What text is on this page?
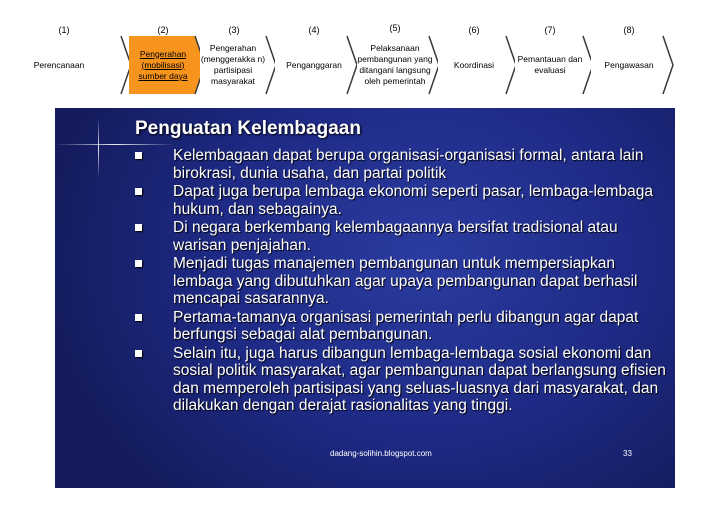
(1)
Perencanaan
(2)
Pengerahan (mobilisasi) sumber daya
(3)
Pengerahan (menggerakka n) partisipasi masyarakat
(4)
Penganggaran
(5)
Pelaksanaan pembangunan yang ditangani langsung oleh pemerintah
(6)
Koordinasi
(7)
Pemantauan dan evaluasi
(8)
Pengawasan
Penguatan Kelembagaan
Kelembagaan dapat berupa organisasi-organisasi formal, antara lain birokrasi, dunia usaha, dan partai politik
Dapat juga berupa lembaga ekonomi seperti pasar, lembaga-lembaga hukum, dan sebagainya.
Di negara berkembang kelembagaannya bersifat tradisional atau warisan penjajahan.
Menjadi tugas manajemen pembangunan untuk mempersiapkan lembaga yang dibutuhkan agar upaya pembangunan dapat berhasil mencapai sasarannya.
Pertama-tamanya organisasi pemerintah perlu dibangun agar dapat berfungsi sebagai alat pembangunan.
Selain itu, juga harus dibangun lembaga-lembaga sosial ekonomi dan sosial politik masyarakat, agar pembangunan dapat berlangsung efisien dan memperoleh partisipasi yang seluas-luasnya dari masyarakat, dan dilakukan dengan derajat rasionalitas yang tinggi.
dadang-solihin.blogspot.com	33
